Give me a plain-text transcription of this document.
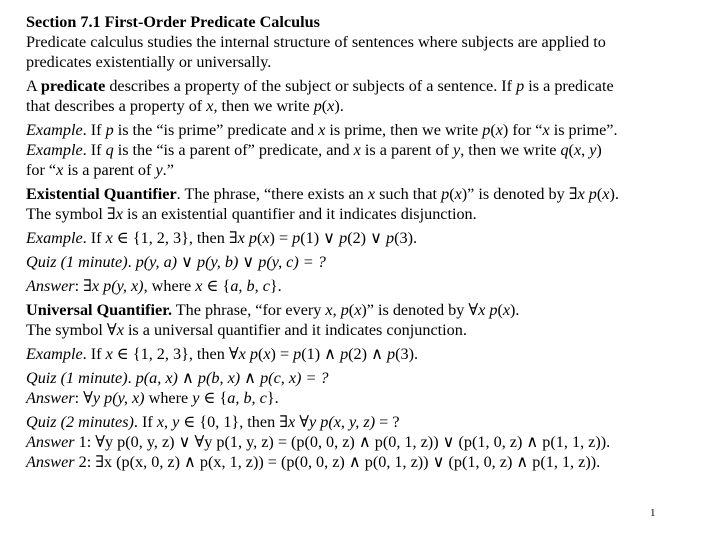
Section 7.1 First-Order Predicate Calculus
Predicate calculus studies the internal structure of sentences where subjects are applied to
predicates existentially or universally.
A predicate describes a property of the subject or subjects of a sentence. If p is a predicate
that describes a property of x, then we write p(x).
Example. If p is the “is prime” predicate and x is prime, then we write p(x) for “x is prime”.
Example. If q is the “is a parent of” predicate, and x is a parent of y, then we write q(x, y)
for “x is a parent of y.”
Existential Quantifier. The phrase, “there exists an x such that p(x)” is denoted by ∃x p(x).
The symbol ∃x is an existential quantifier and it indicates disjunction.
Example. If x ∈ {1, 2, 3}, then ∃x p(x) = p(1) ∨ p(2) ∨ p(3).
Quiz (1 minute). p(y, a) ∨ p(y, b) ∨ p(y, c) = ?
Answer: ∃x p(y, x), where x ∈ {a, b, c}.
Universal Quantifier. The phrase, “for every x, p(x)” is denoted by ∀x p(x).
The symbol ∀x is a universal quantifier and it indicates conjunction.
Example. If x ∈ {1, 2, 3}, then ∀x p(x) = p(1) ∧ p(2) ∧ p(3).
Quiz (1 minute). p(a, x) ∧ p(b, x) ∧ p(c, x) = ?
Answer: ∀y p(y, x) where y ∈ {a, b, c}.
Quiz (2 minutes). If x, y ∈ {0, 1}, then ∃x ∀y p(x, y, z) = ?
Answer 1: ∀y p(0, y, z) ∨ ∀y p(1, y, z) = (p(0, 0, z) ∧ p(0, 1, z)) ∨ (p(1, 0, z) ∧ p(1, 1, z)).
Answer 2: ∃x (p(x, 0, z) ∧ p(x, 1, z)) = (p(0, 0, z) ∧ p(0, 1, z)) ∨ (p(1, 0, z) ∧ p(1, 1, z)).
1
